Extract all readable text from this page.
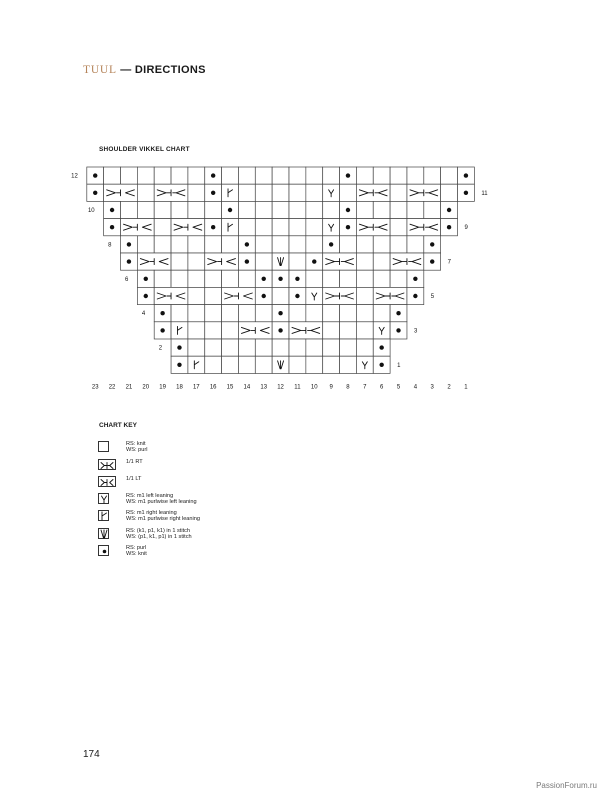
TUUL — DIRECTIONS
SHOULDER VIKKEL CHART
12
11
10
9
8
7
6
5
4
3
2
1
23 22 21 20 19 18 17 16 15 14 13 12 11 10 9 8 7 6 5 4 3 2 1
CHART KEY
RS: knit
WS: purl
1/1 RT
1/1 LT
RS: m1 left leaning
WS: m1 purlwise left leaning
RS: m1 right leaning
WS: m1 purlwise right leaning
RS: (k1, p1, k1) in 1 stitch
WS: (p1, k1, p1) in 1 stitch
RS: purl
WS: knit
174
PassionForum.ru
